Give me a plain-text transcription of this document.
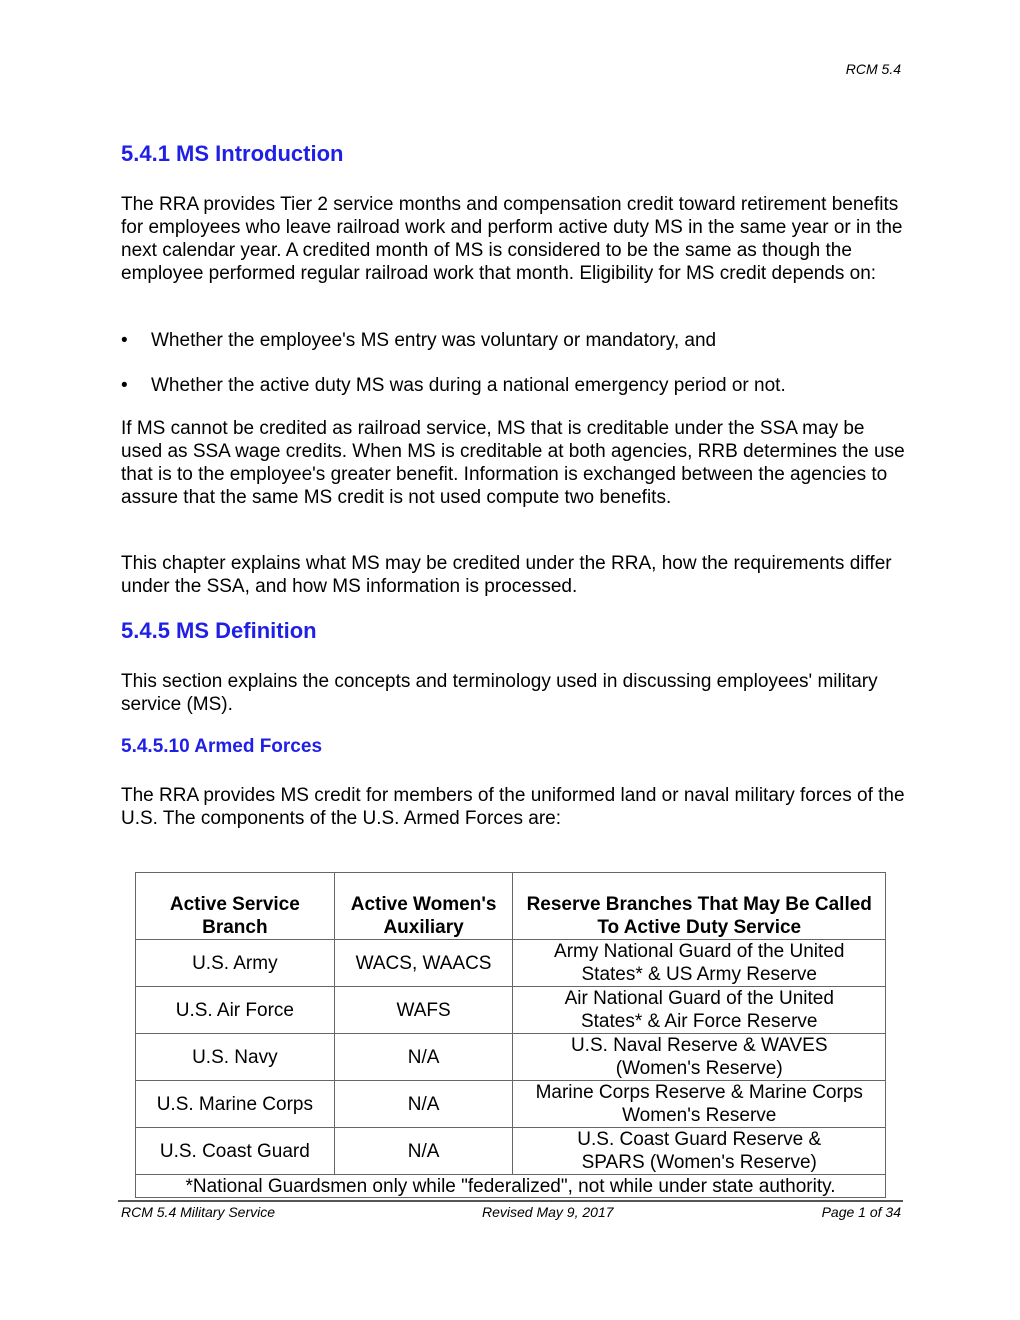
RCM 5.4
5.4.1 MS Introduction

The RRA provides Tier 2 service months and compensation credit toward retirement benefits for employees who leave railroad work and perform active duty MS in the same year or in the next calendar year. A credited month of MS is considered to be the same as though the employee performed regular railroad work that month. Eligibility for MS credit depends on:

• Whether the employee's MS entry was voluntary or mandatory, and
• Whether the active duty MS was during a national emergency period or not.

If MS cannot be credited as railroad service, MS that is creditable under the SSA may be used as SSA wage credits. When MS is creditable at both agencies, RRB determines the use that is to the employee's greater benefit. Information is exchanged between the agencies to assure that the same MS credit is not used compute two benefits.

This chapter explains what MS may be credited under the RRA, how the requirements differ under the SSA, and how MS information is processed.

5.4.5 MS Definition

This section explains the concepts and terminology used in discussing employees' military service (MS).

5.4.5.10 Armed Forces

The RRA provides MS credit for members of the uniformed land or naval military forces of the U.S. The components of the U.S. Armed Forces are:

Active Service Branch	Active Women's Auxiliary	Reserve Branches That May Be Called To Active Duty Service
U.S. Army	WACS, WAACS	Army National Guard of the United States* & US Army Reserve
U.S. Air Force	WAFS	Air National Guard of the United States* & Air Force Reserve
U.S. Navy	N/A	U.S. Naval Reserve & WAVES (Women's Reserve)
U.S. Marine Corps	N/A	Marine Corps Reserve & Marine Corps Women's Reserve
U.S. Coast Guard	N/A	U.S. Coast Guard Reserve & SPARS (Women's Reserve)
*National Guardsmen only while "federalized", not while under state authority.		
RCM 5.4 Military Service	Revised May 9, 2017	Page 1 of 34
